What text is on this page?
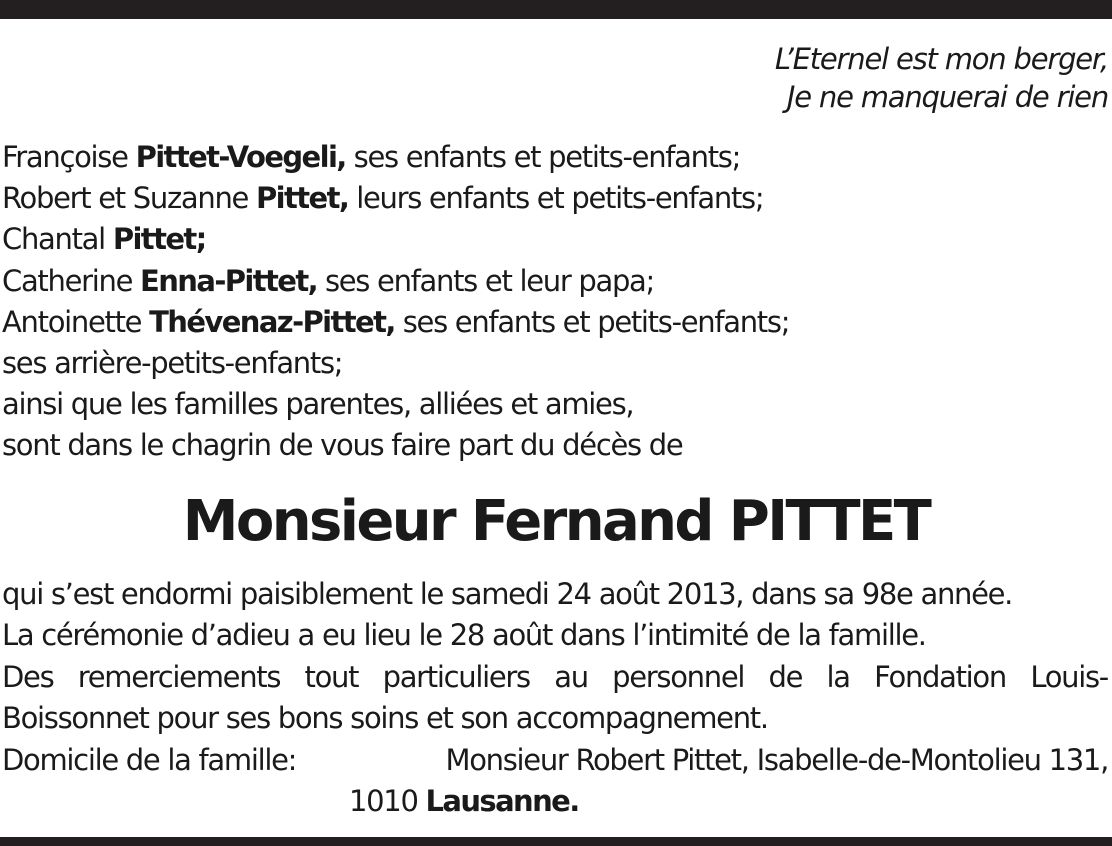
L’Eternel est mon berger,
Je ne manquerai de rien
Françoise Pittet-Voegeli, ses enfants et petits-enfants;
Robert et Suzanne Pittet, leurs enfants et petits-enfants;
Chantal Pittet;
Catherine Enna-Pittet, ses enfants et leur papa;
Antoinette Thévenaz-Pittet, ses enfants et petits-enfants;
ses arrière-petits-enfants;
ainsi que les familles parentes, alliées et amies,
sont dans le chagrin de vous faire part du décès de
Monsieur Fernand PITTET
qui s’est endormi paisiblement le samedi 24 août 2013, dans sa 98e année.
La cérémonie d’adieu a eu lieu le 28 août dans l’intimité de la famille.
Des remerciements tout particuliers au personnel de la Fondation Louis-
Boissonnet pour ses bons soins et son accompagnement.
Domicile de la famille:	Monsieur Robert Pittet, Isabelle-de-Montolieu 131,
1010 Lausanne.
